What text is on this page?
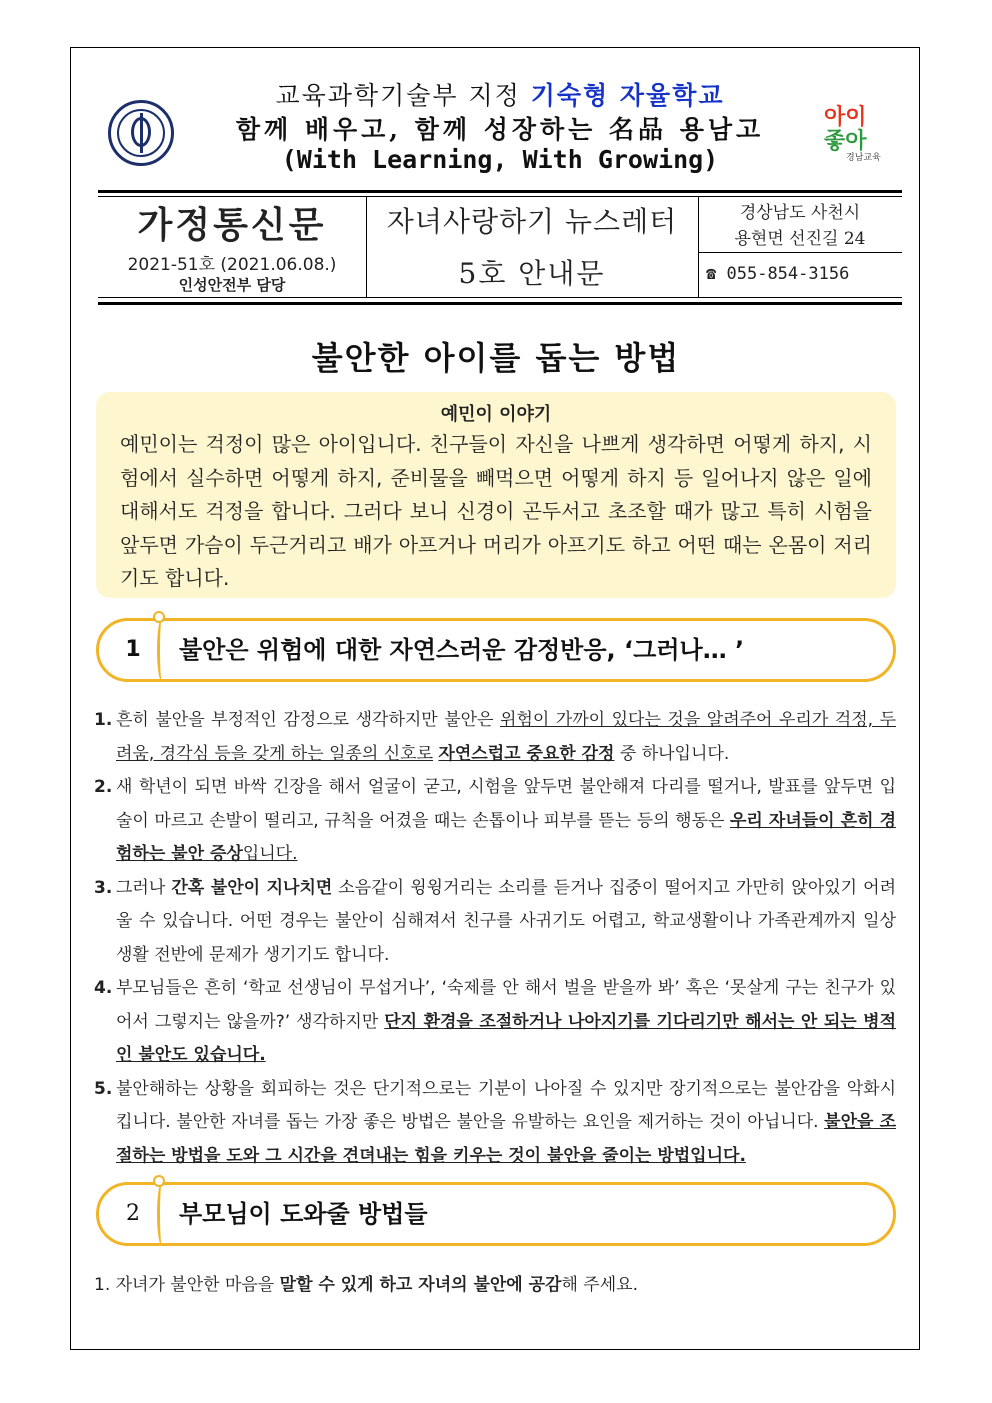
교육과학기술부 지정 기숙형 자율학교
함께 배우고, 함께 성장하는 名品 용남고
(With Learning, With Growing)
아이
좋아
경남교육
가정통신문
2021-51호 (2021.06.08.)
인성안전부 담당
자녀사랑하기 뉴스레터
5호 안내문
경상남도 사천시
용현면 선진길 24
☎ 055-854-3156
불안한 아이를 돕는 방법
예민이 이야기
예민이는 걱정이 많은 아이입니다. 친구들이 자신을 나쁘게 생각하면 어떻게 하지, 시험에서 실수하면 어떻게 하지, 준비물을 빼먹으면 어떻게 하지 등 일어나지 않은 일에 대해서도 걱정을 합니다. 그러다 보니 신경이 곤두서고 초조할 때가 많고 특히 시험을 앞두면 가슴이 두근거리고 배가 아프거나 머리가 아프기도 하고 어떤 때는 온몸이 저리기도 합니다.
1	불안은 위험에 대한 자연스러운 감정반응, ‘그러나… ’
1. 흔히 불안을 부정적인 감정으로 생각하지만 불안은 위험이 가까이 있다는 것을 알려주어 우리가 걱정, 두려움, 경각심 등을 갖게 하는 일종의 신호로 자연스럽고 중요한 감정 중 하나입니다.
2. 새 학년이 되면 바싹 긴장을 해서 얼굴이 굳고, 시험을 앞두면 불안해져 다리를 떨거나, 발표를 앞두면 입술이 마르고 손발이 떨리고, 규칙을 어겼을 때는 손톱이나 피부를 뜯는 등의 행동은 우리 자녀들이 흔히 경험하는 불안 증상입니다.
3. 그러나 간혹 불안이 지나치면 소음같이 윙윙거리는 소리를 듣거나 집중이 떨어지고 가만히 앉아있기 어려울 수 있습니다. 어떤 경우는 불안이 심해져서 친구를 사귀기도 어렵고, 학교생활이나 가족관계까지 일상생활 전반에 문제가 생기기도 합니다.
4. 부모님들은 흔히 ‘학교 선생님이 무섭거나’, ‘숙제를 안 해서 벌을 받을까 봐’ 혹은 ‘못살게 구는 친구가 있어서 그렇지는 않을까?’ 생각하지만 단지 환경을 조절하거나 나아지기를 기다리기만 해서는 안 되는 병적인 불안도 있습니다.
5. 불안해하는 상황을 회피하는 것은 단기적으로는 기분이 나아질 수 있지만 장기적으로는 불안감을 악화시킵니다. 불안한 자녀를 돕는 가장 좋은 방법은 불안을 유발하는 요인을 제거하는 것이 아닙니다. 불안을 조절하는 방법을 도와 그 시간을 견뎌내는 힘을 키우는 것이 불안을 줄이는 방법입니다.
2	부모님이 도와줄 방법들
1. 자녀가 불안한 마음을 말할 수 있게 하고 자녀의 불안에 공감해 주세요.
